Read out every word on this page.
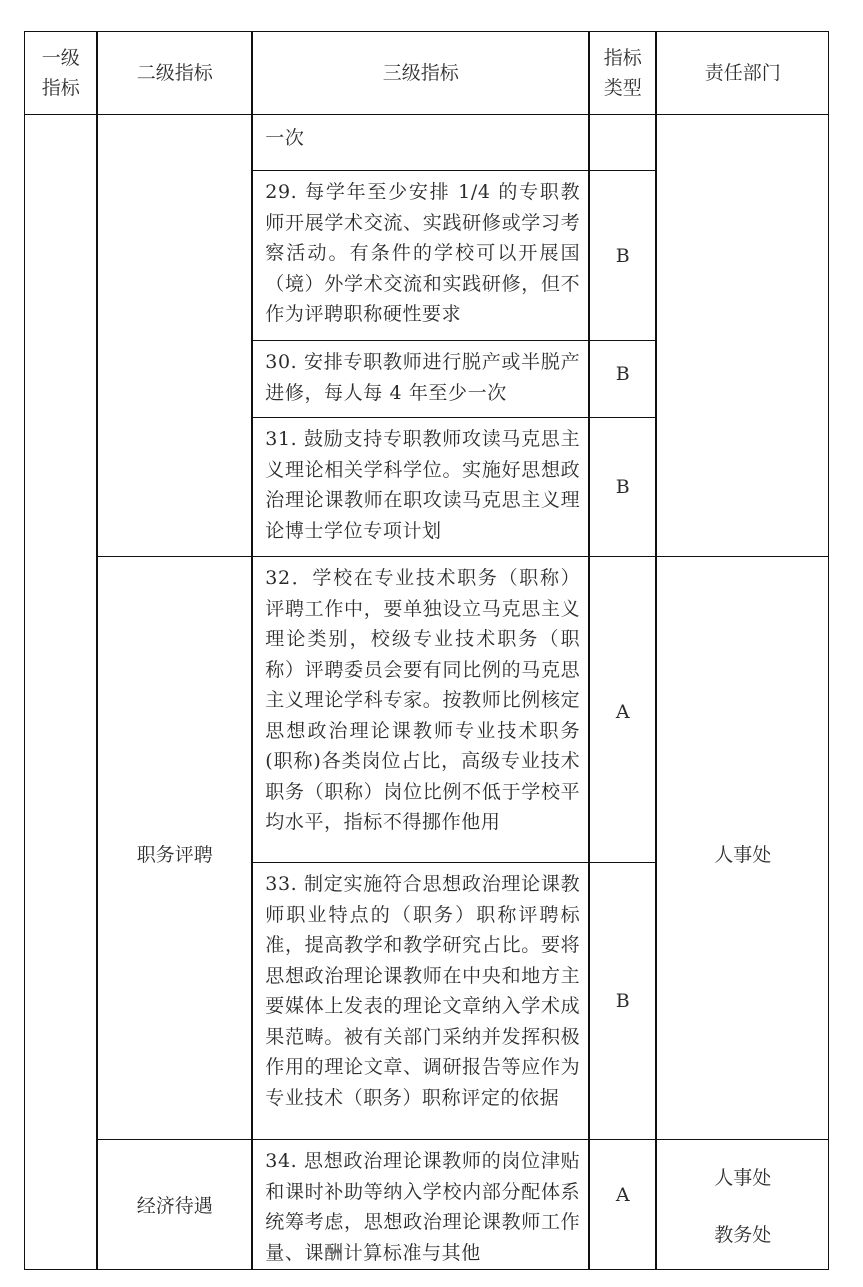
一级
指标
二级指标	三级指标
指标
类型
责任部门
职务评聘
经济待遇
一次
29. 每学年至少安排 1/4 的专职教师开展学术交流、实践研修或学习考察活动。有条件的学校可以开展国（境）外学术交流和实践研修，但不作为评聘职称硬性要求
B
30. 安排专职教师进行脱产或半脱产进修，每人每 4 年至少一次
B
31. 鼓励支持专职教师攻读马克思主义理论相关学科学位。实施好思想政治理论课教师在职攻读马克思主义理论博士学位专项计划
B
32．学校在专业技术职务（职称）评聘工作中，要单独设立马克思主义理论类别，校级专业技术职务（职称）评聘委员会要有同比例的马克思主义理论学科专家。按教师比例核定思想政治理论课教师专业技术职务(职称)各类岗位占比，高级专业技术职务（职称）岗位比例不低于学校平均水平，指标不得挪作他用
A
33. 制定实施符合思想政治理论课教师职业特点的（职务）职称评聘标准，提高教学和教学研究占比。要将思想政治理论课教师在中央和地方主要媒体上发表的理论文章纳入学术成果范畴。被有关部门采纳并发挥积极作用的理论文章、调研报告等应作为专业技术（职务）职称评定的依据
B
34. 思想政治理论课教师的岗位津贴和课时补助等纳入学校内部分配体系统筹考虑，思想政治理论课教师工作量、课酬计算标准与其他
A
人事处
人事处
教务处
